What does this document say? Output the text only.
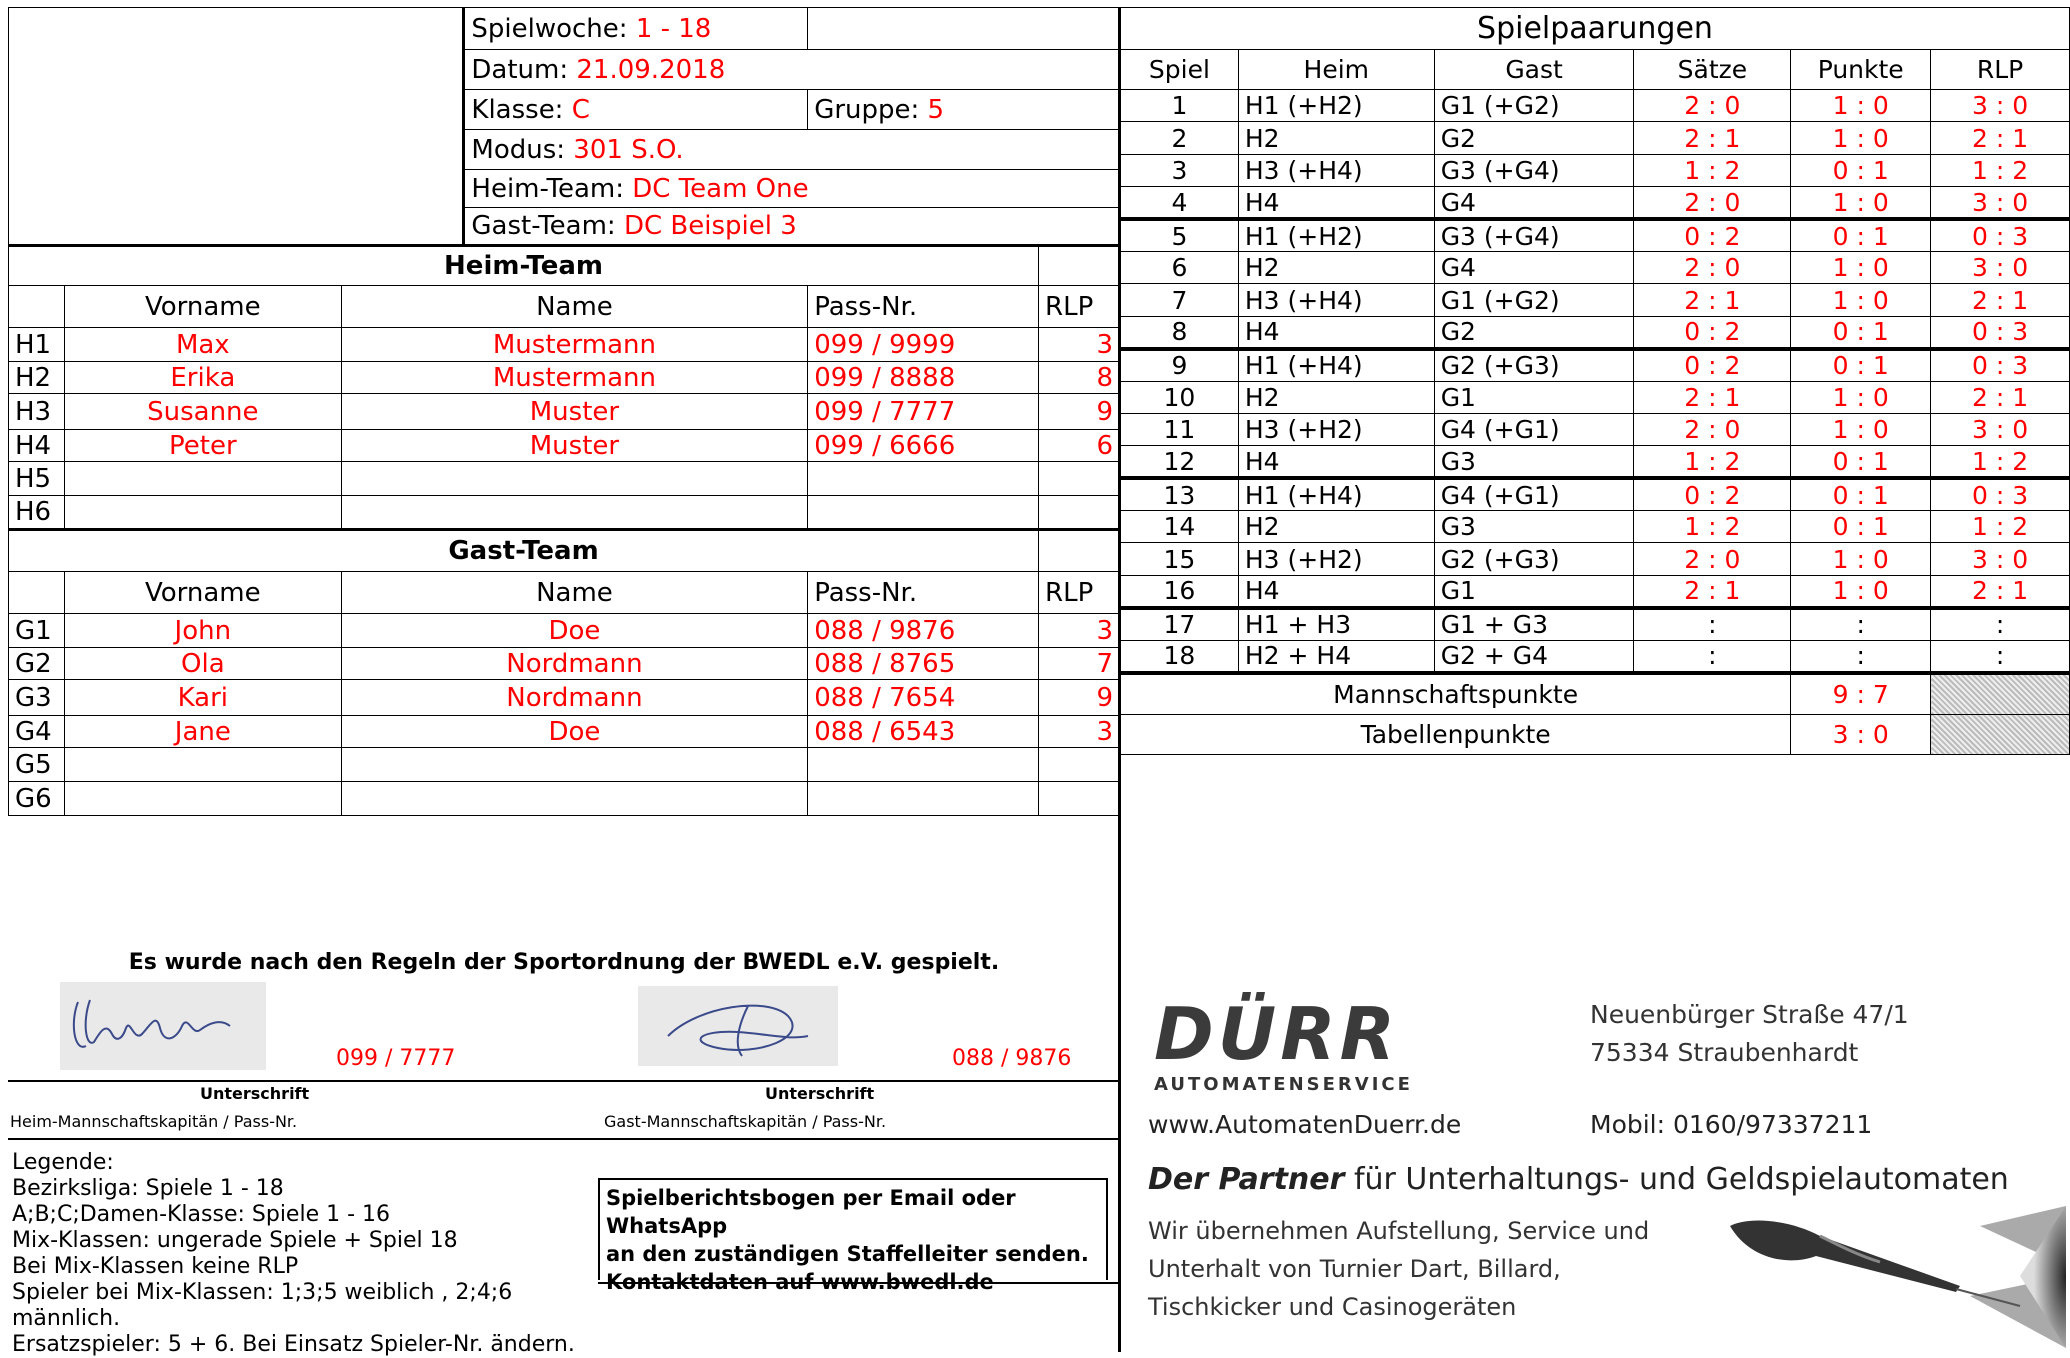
			Spielwoche: 1 - 18		
			Datum: 21.09.2018		
			Klasse: C	Gruppe: 5	
			Modus: 301 S.O.		
			Heim-Team: DC Team One		
			Gast-Team: DC Beispiel 3		
Heim-Team					
	Vorname	Name		Pass-Nr.	RLP
H1	Max	Mustermann		099 / 9999	3
H2	Erika	Mustermann		099 / 8888	8
H3	Susanne	Muster		099 / 7777	9
H4	Peter	Muster		099 / 6666	6
H5					
H6					
Gast-Team					
	Vorname	Name		Pass-Nr.	RLP
G1	John	Doe		088 / 9876	3
G2	Ola	Nordmann		088 / 8765	7
G3	Kari	Nordmann		088 / 7654	9
G4	Jane	Doe		088 / 6543	3
G5					
G6					
Es wurde nach den Regeln der Sportordnung der BWEDL e.V. gespielt.
099 / 7777	088 / 9876
Unterschrift
Heim-Mannschaftskapitän / Pass-Nr.
Unterschrift
Gast-Mannschaftskapitän / Pass-Nr.
Legende:
Bezirksliga: Spiele 1 - 18
A;B;C;Damen-Klasse: Spiele 1 - 16
Mix-Klassen: ungerade Spiele + Spiel 18
Bei Mix-Klassen keine RLP
Spieler bei Mix-Klassen: 1;3;5 weiblich , 2;4;6 männlich.
Ersatzspieler: 5 + 6. Bei Einsatz Spieler-Nr. ändern.
Spielberichtsbogen per Email oder WhatsApp
an den zuständigen Staffelleiter senden.
Kontaktdaten auf www.bwedl.de
Spielpaarungen					
Spiel	Heim	Gast	Sätze	Punkte	RLP
1	H1 (+H2)	G1 (+G2)	2 : 0	1 : 0	3 : 0
2	H2	G2	2 : 1	1 : 0	2 : 1
3	H3 (+H4)	G3 (+G4)	1 : 2	0 : 1	1 : 2
4	H4	G4	2 : 0	1 : 0	3 : 0
5	H1 (+H2)	G3 (+G4)	0 : 2	0 : 1	0 : 3
6	H2	G4	2 : 0	1 : 0	3 : 0
7	H3 (+H4)	G1 (+G2)	2 : 1	1 : 0	2 : 1
8	H4	G2	0 : 2	0 : 1	0 : 3
9	H1 (+H4)	G2 (+G3)	0 : 2	0 : 1	0 : 3
10	H2	G1	2 : 1	1 : 0	2 : 1
11	H3 (+H2)	G4 (+G1)	2 : 0	1 : 0	3 : 0
12	H4	G3	1 : 2	0 : 1	1 : 2
13	H1 (+H4)	G4 (+G1)	0 : 2	0 : 1	0 : 3
14	H2	G3	1 : 2	0 : 1	1 : 2
15	H3 (+H2)	G2 (+G3)	2 : 0	1 : 0	3 : 0
16	H4	G1	2 : 1	1 : 0	2 : 1
17	H1 + H3	G1 + G3	:	:	:
18	H2 + H4	G2 + G4	:	:	:
Mannschaftspunkte				9 : 7	
Tabellenpunkte				3 : 0	
DÜRR
AUTOMATENSERVICE
Neuenbürger Straße 47/1
75334 Straubenhardt
www.AutomatenDuerr.de	Mobil: 0160/97337211
Der Partner für Unterhaltungs- und Geldspielautomaten
Wir übernehmen Aufstellung, Service und
Unterhalt von Turnier Dart, Billard,
Tischkicker und Casinogeräten
